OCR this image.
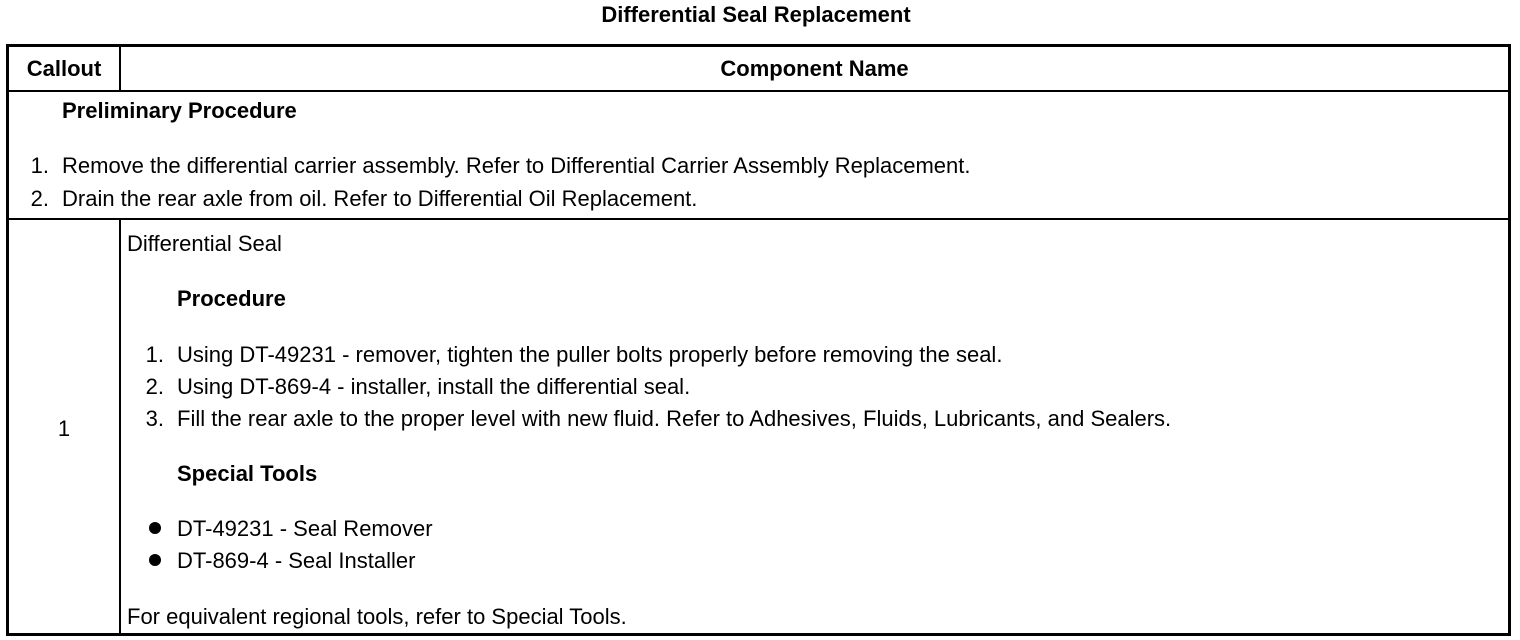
Differential Seal Replacement
Callout	Component Name
Preliminary Procedure
1. Remove the differential carrier assembly. Refer to Differential Carrier Assembly Replacement.
2. Drain the rear axle from oil. Refer to Differential Oil Replacement.
1
Differential Seal
Procedure
1. Using DT-49231 - remover, tighten the puller bolts properly before removing the seal.
2. Using DT-869-4 - installer, install the differential seal.
3. Fill the rear axle to the proper level with new fluid. Refer to Adhesives, Fluids, Lubricants, and Sealers.
Special Tools
DT-49231 - Seal Remover
DT-869-4 - Seal Installer
For equivalent regional tools, refer to Special Tools.
